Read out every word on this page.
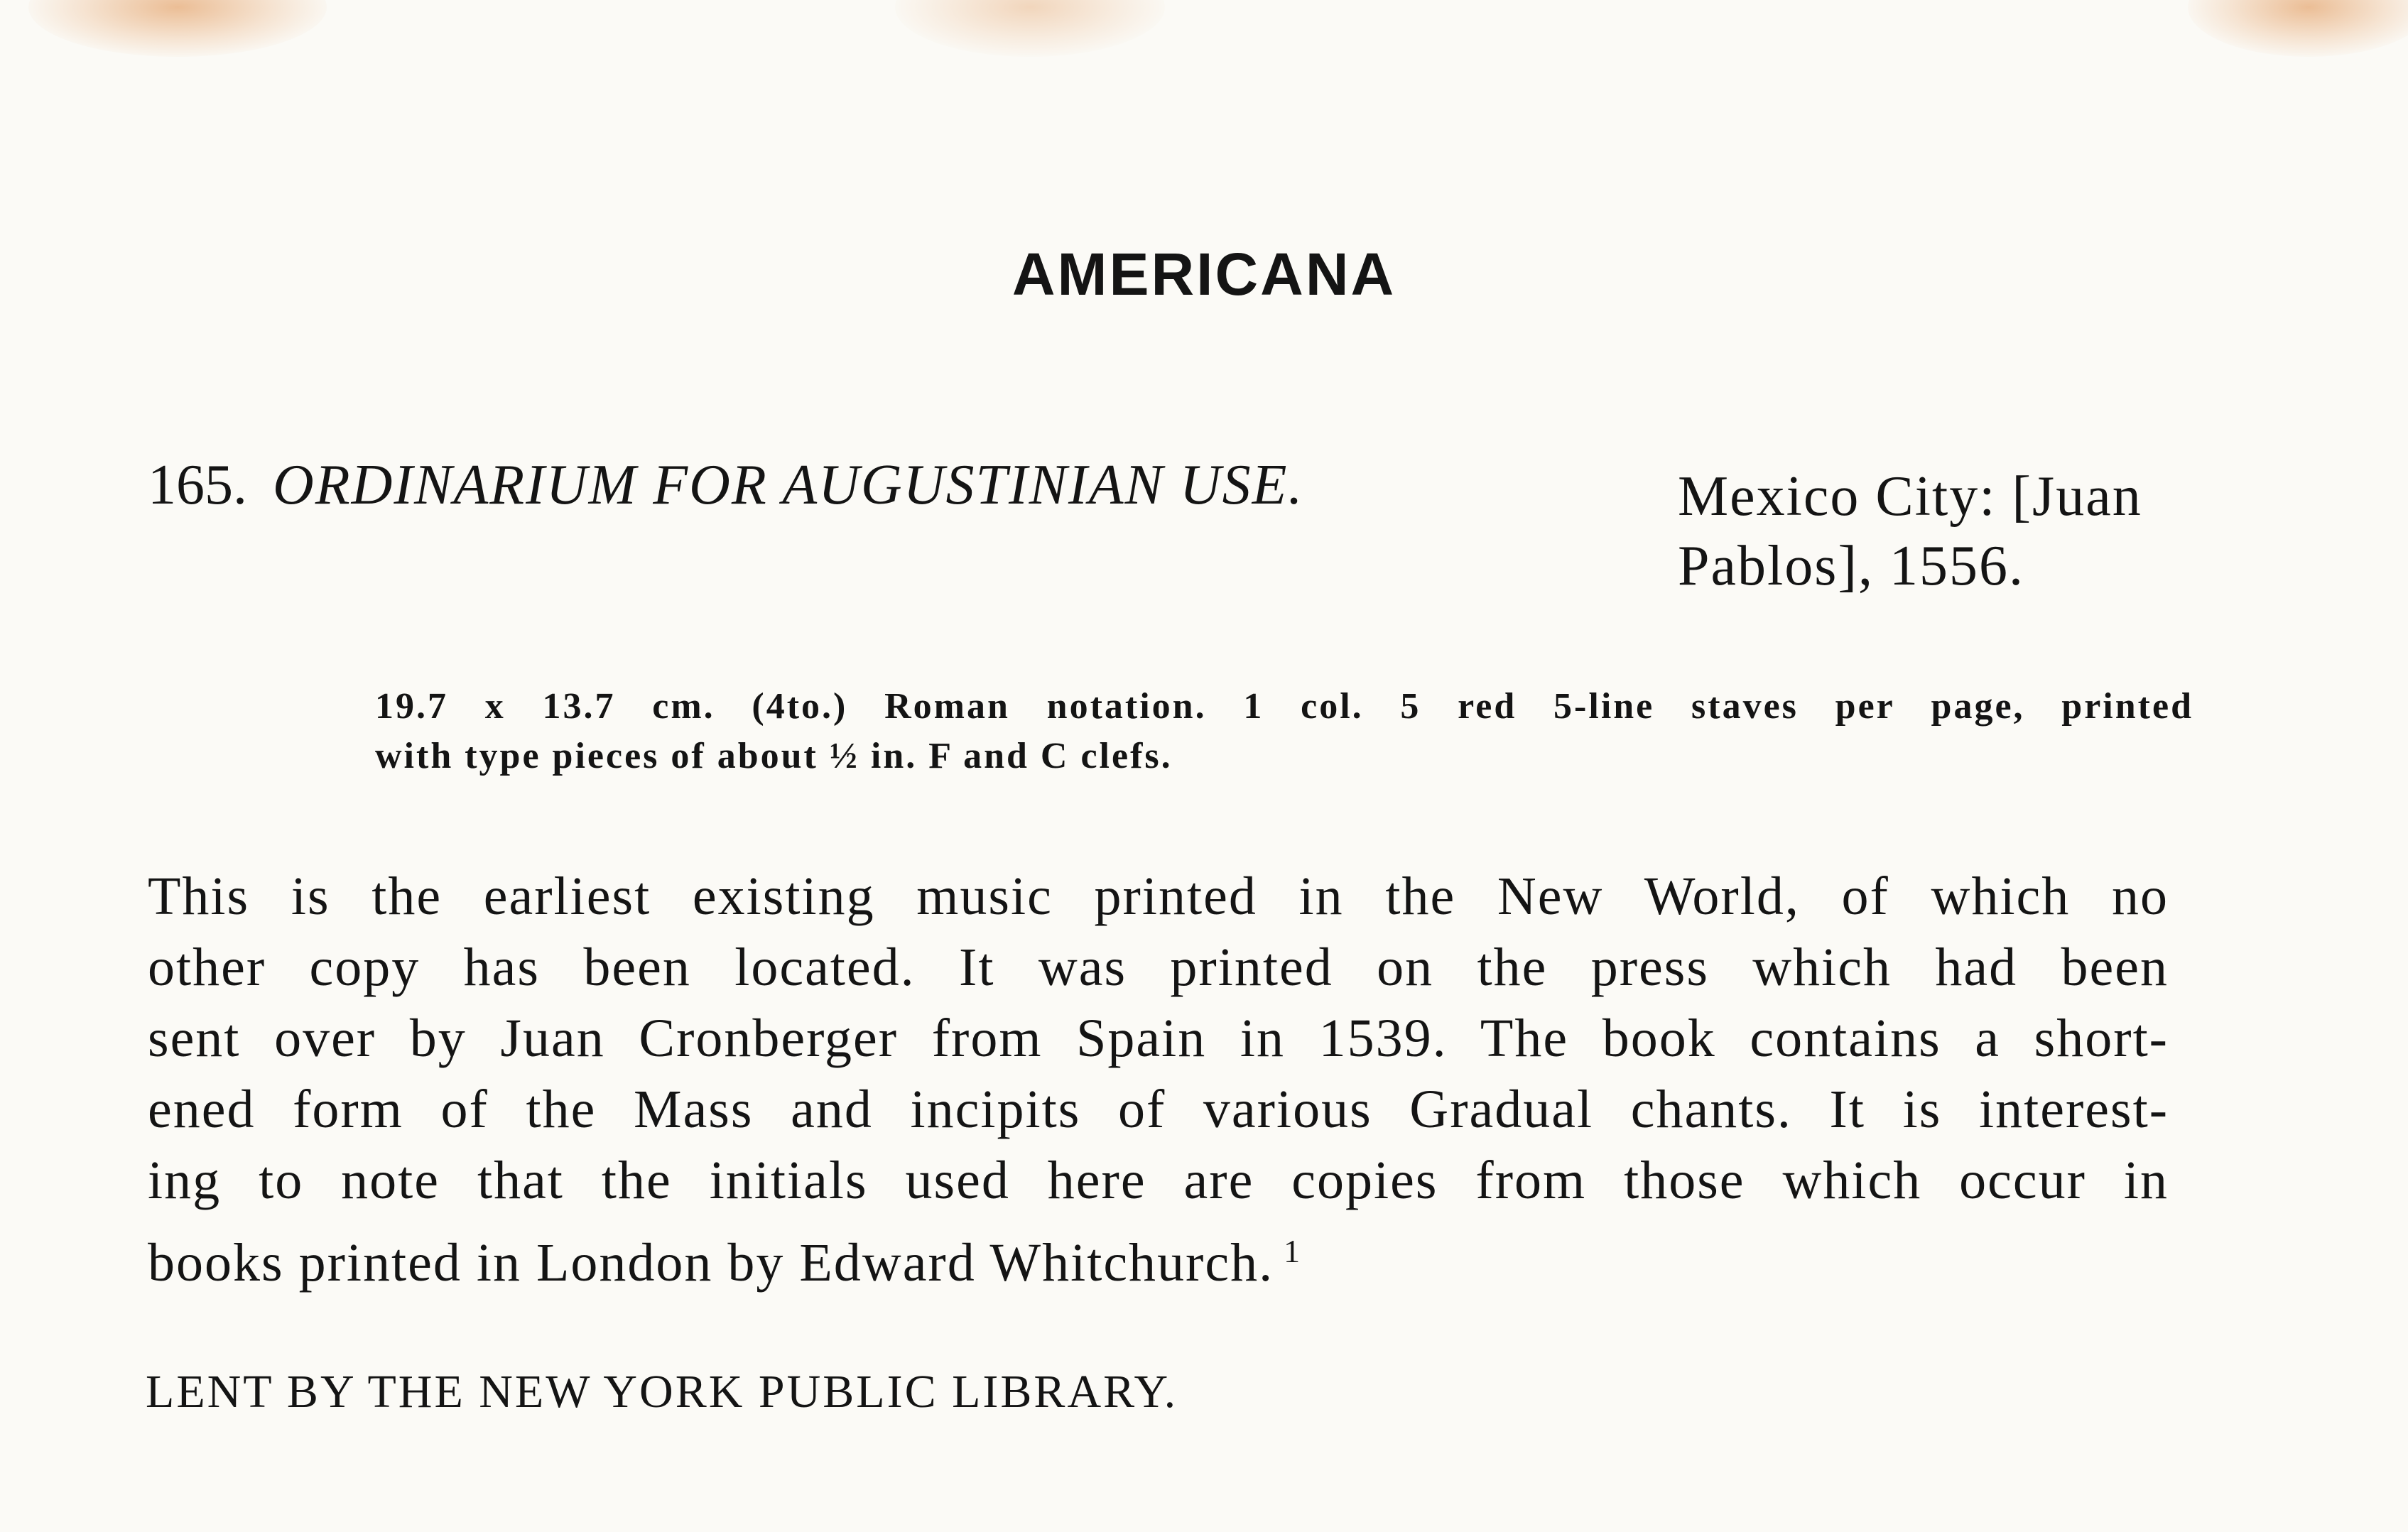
AMERICANA
165. ORDINARIUM FOR AUGUSTINIAN USE.	Mexico City: [Juan
Pablos], 1556.
19.7 x 13.7 cm. (4to.) Roman notation. 1 col. 5 red 5-line staves per page, printed
with type pieces of about ½ in. F and C clefs.
This is the earliest existing music printed in the New World, of which no
other copy has been located. It was printed on the press which had been
sent over by Juan Cronberger from Spain in 1539. The book contains a short-
ened form of the Mass and incipits of various Gradual chants. It is interest-
ing to note that the initials used here are copies from those which occur in
books printed in London by Edward Whitchurch. $^1$
LENT BY THE NEW YORK PUBLIC LIBRARY.
